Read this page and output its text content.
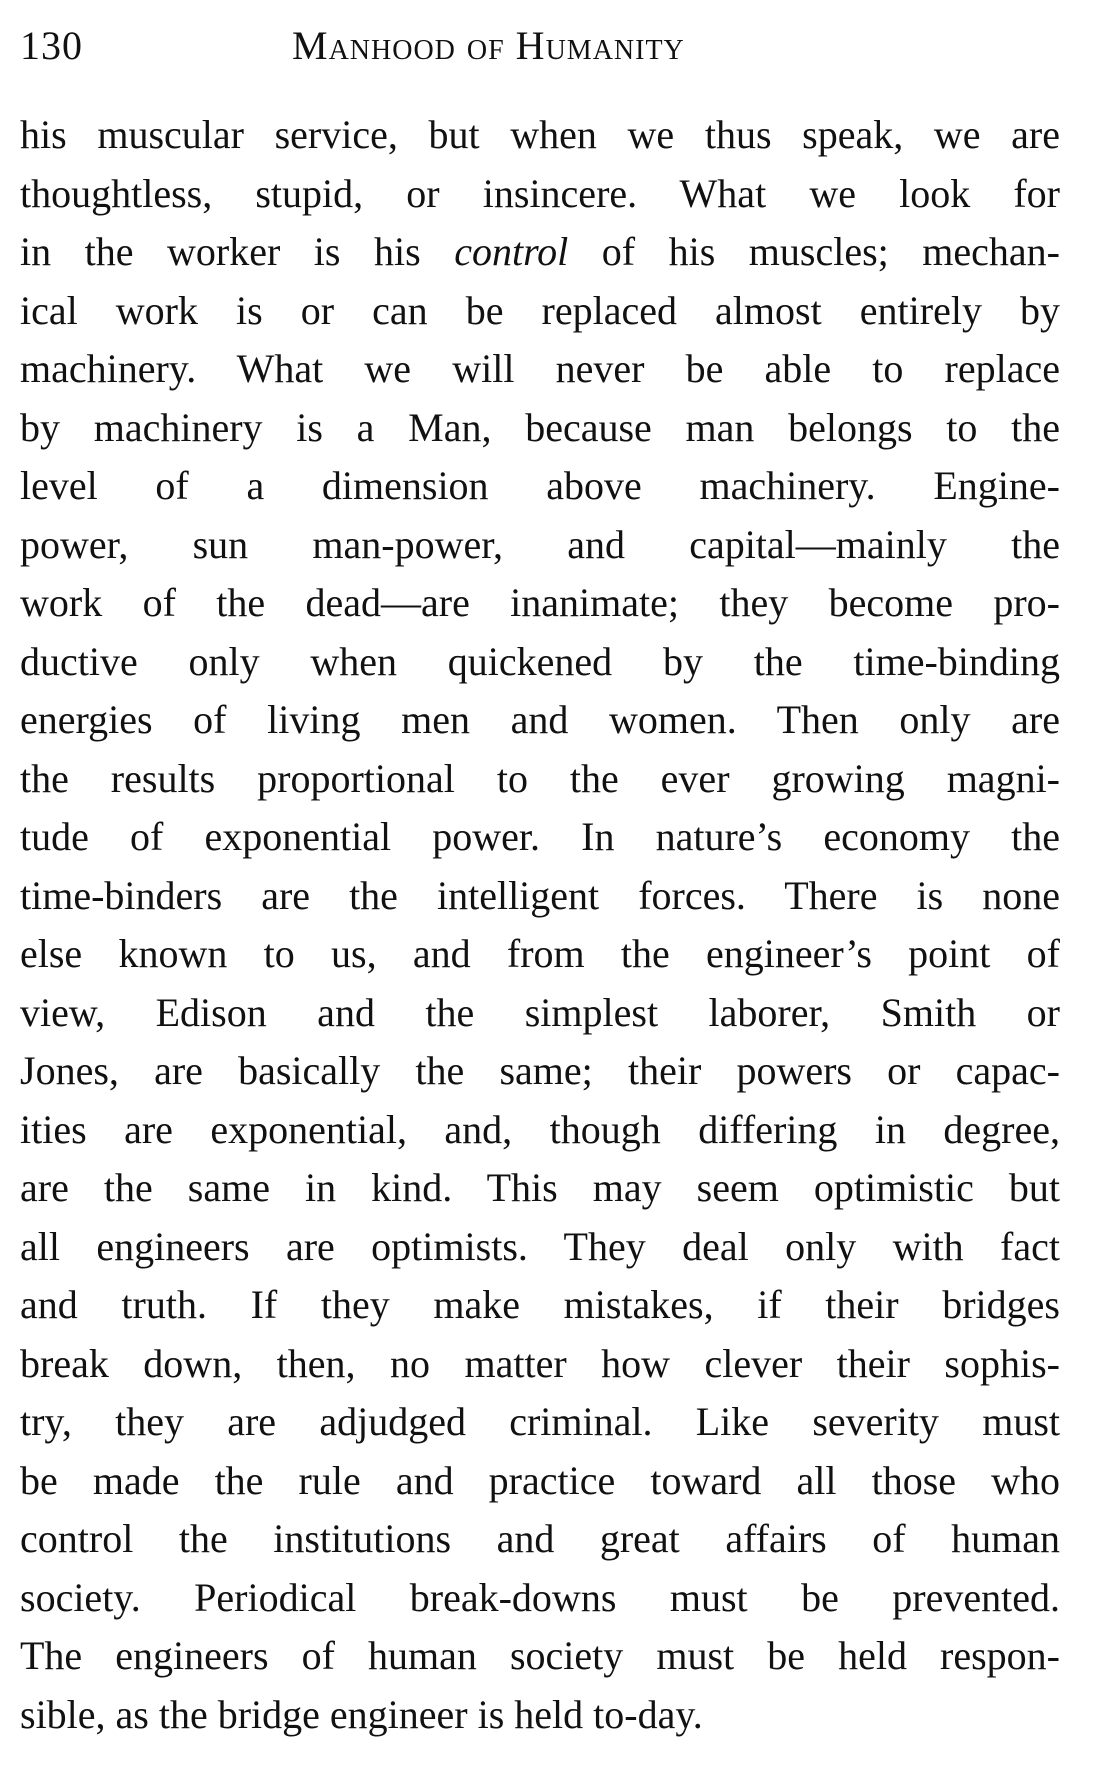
130	Manhood of Humanity
his muscular service, but when we thus speak, we are
thoughtless, stupid, or insincere. What we look for
in the worker is his control of his muscles; mechan-
ical work is or can be replaced almost entirely by
machinery. What we will never be able to replace
by machinery is a Man, because man belongs to the
level of a dimension above machinery. Engine-
power, sun man-power, and capital—mainly the
work of the dead—are inanimate; they become pro-
ductive only when quickened by the time-binding
energies of living men and women. Then only are
the results proportional to the ever growing magni-
tude of exponential power. In nature’s economy the
time-binders are the intelligent forces. There is none
else known to us, and from the engineer’s point of
view, Edison and the simplest laborer, Smith or
Jones, are basically the same; their powers or capac-
ities are exponential, and, though differing in degree,
are the same in kind. This may seem optimistic but
all engineers are optimists. They deal only with fact
and truth. If they make mistakes, if their bridges
break down, then, no matter how clever their sophis-
try, they are adjudged criminal. Like severity must
be made the rule and practice toward all those who
control the institutions and great affairs of human
society. Periodical break-downs must be prevented.
The engineers of human society must be held respon-
sible, as the bridge engineer is held to-day.
